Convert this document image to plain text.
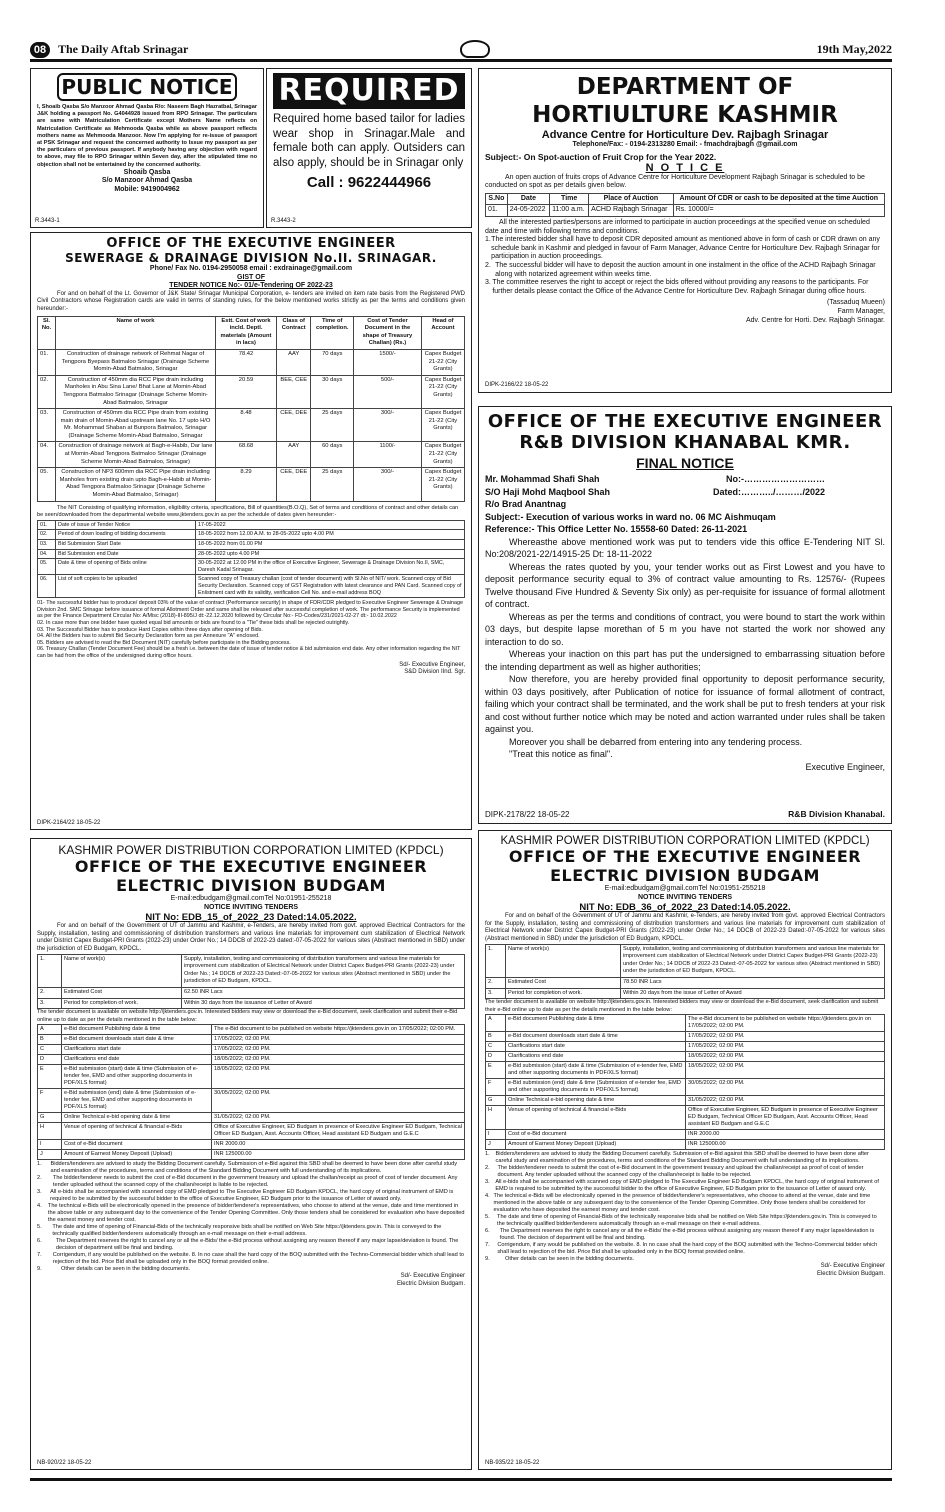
08 The Daily Aftab Srinagar	19th May,2022
PUBLIC NOTICE
I, Shoaib Qasba S/o Manzoor Ahmad Qasba R/o: Naseem Bagh Hazratbal, Srinagar J&K holding a passport No. G4044928 issued from RPO Srinagar. The particulars are same with Matriculation Certificate except Mothers Name reflects on Matriculation Certificate as Mehmooda Qasba while as above passport reflects mothers name as Mehmooda Manzoor. Now I'm applying for re-issue of passport at PSK Srinagar and request the concerned authority to Issue my passport as per the particulars of previous passport. If anybody having any objection with regard to above, may file to RPO Srinagar within Seven day, after the stipulated time no objection shall not be entertained by the concerned authority.
Shoaib Qasba
S/o Manzoor Ahmad Qasba
Mobile: 9419004962
R.3443-1
REQUIRED
Required home based tailor for ladies wear shop in Srinagar.Male and female both can apply. Outsiders can also apply, should be in Srinagar only
Call : 9622444966
R.3443-2
DEPARTMENT OF HORTIULTURE KASHMIR
Advance Centre for Horticulture Dev. Rajbagh Srinagar
Telephone/Fax: - 0194-2313280 Email: - fmachdrajbagh @gmail.com
Subject:- On Spot-auction of Fruit Crop for the Year 2022.
N O T I C E
An open auction of fruits crops of Advance Centre for Horticulture Development Rajbagh Srinagar is scheduled to be conducted on spot as per details given below.
S.No	Date	Time	Place of Auction	Amount Of CDR or cash to be deposited at the time Auction
01.	24-05-2022	11:00 a.m.	ACHD Rajbagh Srinagar	Rs. 10000/=
All the interested parties/persons are informed to participate in auction proceedings at the specified venue on scheduled date and time with following terms and conditions.
1. The interested bidder shall have to deposit CDR deposited amount as mentioned above in form of cash or CDR drawn on any schedule bank in Kashmir and pledged in favour of Farm Manager, Advance Centre for Horticulture Dev. Rajbagh Srinagar for participation in auction proceedings.
2. The successful bidder will have to deposit the auction amount in one instalment in the office of the ACHD Rajbagh Srinagar along with notarized agreement within weeks time.
3. The committee reserves the right to accept or reject the bids offered without providing any reasons to the participants. For further details please contact the Office of the Advance Centre for Horticulture Dev. Rajbagh Srinagar during office hours.
(Tassaduq Mueen)
Farm Manager,
Adv. Centre for Horti. Dev. Rajbagh Srinagar.
DIPK-2166/22 18-05-22
OFFICE OF THE EXECUTIVE ENGINEER
SEWERAGE & DRAINAGE DIVISION No.II. SRINAGAR.
Phone/ Fax No. 0194-2950058 email : exdrainage@gmail.com
GIST OF
TENDER NOTICE No:- 01/e-Tendering OF 2022-23
For and on behalf of the Lt. Governor of J&K State/ Srinagar Municipal Corporation, e- tenders are invited on item rate basis from the Registered PWD Civil Contractors whose Registration cards are valid in terms of standing rules, for the below mentioned works strictly as per the terms and conditions given hereunder:-
Sl. No.	Name of work	Estt. Cost of work incld. Deptl. materials (Amount in lacs)	Class of Contract	Time of completion.	Cost of Tender Document in the shape of Treasury Challan) (Rs.)	Head of Account
01.	Construction of drainage network of Rehmat Nagar of Tengpora Byepass Batmaloo Srinagar (Drainage Scheme Momin-Abad Batmaloo, Srinagar	78.42	AAY	70 days	1500/-	Capex Budget 21-22 (City Grants)
02.	Construction of 450mm dia RCC Pipe drain including Manholes in Abu Sina Lane/ Bhat Lane at Momin-Abad Tengpora Batmaloo Srinagar (Drainage Scheme Momin-Abad Batmaloo, Srinagar	20.59	BEE, CEE	30 days	500/-	Capex Budget 21-22 (City Grants)
03.	Construction of 450mm dia RCC Pipe drain from existing main drain of Momin-Abad upstream lane No. 17 upto H/O Mr. Mohammad Shaban at Bunpora Batmaloo, Srinagar (Drainage Scheme Momin-Abad Batmaloo, Srinagar	8.48	CEE, DEE	25 days	300/-	Capex Budget 21-22 (City Grants)
04.	Construction of drainage network at Bagh-e-Habib, Dar lane at Momin-Abad Tengpora Batmaloo Srinagar (Drainage Scheme Momin-Abad Batmaloo, Srinagar)	68.68	AAY	60 days	1100/-	Capex Budget 21-22 (City Grants)
05.	Construction of NP3 600mm dia RCC Pipe drain including Manholes from existing drain upto Bagh-e-Habib at Momin-Abad Tengpora Batmaloo Srinagar (Drainage Scheme Momin-Abad Batmaloo, Srinagar)	8.29	CEE, DEE	25 days	300/-	Capex Budget 21-22 (City Grants)
The NIT Consisting of qualifying information, eligibility criteria, specifications, Bill of quantities(B.O.Q), Set of terms and conditions of contract and other details can be seen/downloaded from the departmental website www.jktenders.gov.in as per the schedule of dates given hereunder:-
01.	Date of issue of Tender Notice	17-05-2022
02.	Period of down loading of bidding documents	18-05-2022 from 12.00 A.M. to 28-05-2022 upto 4.00 PM
03.	Bid Submission Start Date	18-05-2022 from 01.00 PM
04.	Bid Submission end Date	28-05-2022 upto 4.00 PM
05.	Date & time of opening of Bids online	30-05-2022 at 12.00 PM in the office of Executive Engineer, Sewerage & Drainage Division No.II, SMC, Daresh Kadal Srinagar.
06.	List of soft copies to be uploaded	Scanned copy of Treasury challan (cost of tender document) with Sl.No of NIT/ work. Scanned copy of Bid Security Declaration. Scanned copy of GST Registration with latest clearance and PAN Card. Scanned copy of Enlistment card with its validity, verification Cell No. and e-mail address BOQ
01- The successful bidder has to produce/ deposit 03% of the value of contract (Performance security) in shape of FDR/CDR pledged to Executive Engineer Sewerage & Drainage Division 2nd. SMC Srinagar before issuance of formal Allotment Order and same shall be released after successful completion of work. The performance Security is implemented as per the Finance Department Circular No: A/Misc (2018)-III-895/J dt:-22.12.2020 followed by Circular No:- FD-Codes/231/2021-02-27 dt:- 10.02.2022
02. In case more than one bidder have quoted equal bid amounts or bids are found to a "Tie" these bids shall be rejected outrightly.
03. The Successful Bidder has to produce Hard Copies within three days after opening of Bids.
04. All the Bidders has to submit Bid Security Declaration form as per Annexure "A" enclosed.
05. Bidders are advised to read the Bid Document (NIT) carefully before participate in the Bidding process.
06. Treasury Challan (Tender Document Fee) should be a fresh i.e. between the date of issue of tender notice & bid submission end date. Any other information regarding the NIT can be had from the office of the undersigned during office hours.
Sd/- Executive Engineer,
S&D Division IInd. Sgr.
DIPK-2164/22 18-05-22
OFFICE OF THE EXECUTIVE ENGINEER
R&B DIVISION KHANABAL KMR.
FINAL NOTICE
Mr. Mohammad Shafi Shah	No:-………………………
S/O Haji Mohd Maqbool Shah	Dated:………../………/2022
R/o Brad Anantnag
Subject:- Execution of various works in ward no. 06 MC Aishmuqam
Reference:- This Office Letter No. 15558-60 Dated: 26-11-2021
Whereasthe above mentioned work was put to tenders vide this office E-Tendering NIT Sl. No:208/2021-22/14915-25 Dt: 18-11-2022
Whereas the rates quoted by you, your tender works out as First Lowest and you have to deposit performance security equal to 3% of contract value amounting to Rs. 12576/- (Rupees Twelve thousand Five Hundred & Seventy Six only) as per-requisite for issuance of formal allotment of contract.
Whereas as per the terms and conditions of contract, you were bound to start the work within 03 days, but despite lapse morethan of 5 m you have not started the work nor showed any interaction to do so.
Whereas your inaction on this part has put the undersigned to embarrassing situation before the intending department as well as higher authorities;
Now therefore, you are hereby provided final opportunity to deposit performance security, within 03 days positively, after Publication of notice for issuance of formal allotment of contract, failing which your contract shall be terminated, and the work shall be put to fresh tenders at your risk and cost without further notice which may be noted and action warranted under rules shall be taken against you.
Moreover you shall be debarred from entering into any tendering process.
"Treat this notice as final".
Executive Engineer,
DIPK-2178/22 18-05-22	R&B Division Khanabal.
KASHMIR POWER DISTRIBUTION CORPORATION LIMITED (KPDCL)
OFFICE OF THE EXECUTIVE ENGINEER
ELECTRIC DIVISION BUDGAM
E-mail:edbudgam@gmail.comTel No:01951-255218
NOTICE INVITING TENDERS
NIT No: EDB_15_of_2022_23 Dated:14.05.2022.
For and on behalf of the Government of UT of Jammu and Kashmir, e-Tenders, are hereby invited from govt. approved Electrical Contractors for the Supply, installation, testing and commissioning of distribution transformers and various line materials for improvement cum stabilization of Electrical Network under District Capex Budget-PRI Grants (2022-23) under Order No.; 14 DDCB of 2022-23 dated:-07-05-2022 for various sites (Abstract mentioned in SBD) under the jurisdiction of ED Budgam, KPDCL.
1.	Name of work(s)	Supply, installation, testing and commissioning of distribution transformers and various line materials for improvement cum stabilization of Electrical Network under District Capex Budget-PRI Grants (2022-23) under Order No.; 14 DDCB of 2022-23 Dated:-07-05-2022 for various sites (Abstract mentioned in SBD) under the jurisdiction of ED Budgam, KPDCL.
2.	Estimated Cost	62.50 INR Lacs
3.	Period for completion of work.	Within 30 days from the issuance of Letter of Award
The tender document is available on website http://jktenders.gov.in. Interested bidders may view or download the e-Bid document, seek clarification and submit their e-Bid online up to date as per the details mentioned in the table below:
A	e-Bid document Publishing date & time	The e-Bid document to be published on website https://jktenders.gov.in on 17/05/2022; 02:00 PM.
B	e-Bid document downloads start date & time	17/05/2022; 02:00 PM.
C	Clarifications start date	17/05/2022; 02:00 PM.
D	Clarifications end date	18/05/2022; 02:00 PM.
E	e-Bid submission (start) date & time (Submission of e-tender fee, EMD and other supporting documents in PDF/XLS format)	18/05/2022; 02:00 PM.
F	e-Bid submission (end) date & time (Submission of e-tender fee, EMD and other supporting documents in PDF/XLS format)	30/05/2022; 02:00 PM.
G	Online Technical e-bid opening date & time	31/05/2022; 02:00 PM.
H	Venue of opening of technical & financial e-Bids	Office of Executive Engineer, ED Budgam in presence of Executive Engineer ED Budgam, Technical Officer ED Budgam, Asst. Accounts Officer, Head assistant ED Budgam and G.E.C
I	Cost of e-Bid document	INR 2000.00
J	Amount of Earnest Money Deposit (Upload)	INR 125000.00
1.	Bidders/tenderers are advised to study the Bidding Document carefully. Submission of e-Bid against this SBD shall be deemed to have been done after careful study and examination of the procedures, terms and conditions of the Standard Bidding Document with full understanding of its implications.
2.	The bidder/tenderer needs to submit the cost of e-Bid document in the government treasury and upload the challan/receipt as proof of cost of tender document. Any tender uploaded without the scanned copy of the challan/receipt is liable to be rejected.
3.	All e-bids shall be accompanied with scanned copy of EMD pledged to The Executive Engineer ED Budgam KPDCL, the hard copy of original instrument of EMD is required to be submitted by the successful bidder to the office of Executive Engineer, ED Budgam prior to the issuance of Letter of award only.
4.	The technical e-Bids will be electronically opened in the presence of bidder/tenderer's representatives, who choose to attend at the venue, date and time mentioned in the above table or any subsequent day to the convenience of the Tender Opening Committee. Only those tenders shall be considered for evaluation who have deposited the earnest money and tender cost.
5.	The date and time of opening of Financial-Bids of the technically responsive bids shall be notified on Web Site https://jktenders.gov.in. This is conveyed to the technically qualified bidder/tenderers automatically through an e-mail message on their e-mail address.
6.	The Department reserves the right to cancel any or all the e-Bids/ the e-Bid process without assigning any reason thereof if any major lapse/deviation is found. The decision of department will be final and binding.
7.	Corrigendum, if any would be published on the website. 8. In no case shall the hard copy of the BOQ submitted with the Techno-Commercial bidder which shall lead to rejection of the bid. Price Bid shall be uploaded only in the BOQ format provided online.
9.	Other details can be seen in the bidding documents.
Sd/- Executive Engineer
Electric Division Budgam.
NB-920/22 18-05-22
KASHMIR POWER DISTRIBUTION CORPORATION LIMITED (KPDCL)
OFFICE OF THE EXECUTIVE ENGINEER
ELECTRIC DIVISION BUDGAM
E-mail:edbudgam@gmail.comTel No:01951-255218
NOTICE INVITING TENDERS
NIT No: EDB_36_of_2022_23 Dated:14.05.2022.
For and on behalf of the Government of UT of Jammu and Kashmir, e-Tenders, are hereby invited from govt. approved Electrical Contractors for the Supply, installation, testing and commissioning of distribution transformers and various line materials for improvement cum stabilization of Electrical Network under District Capex Budget-PRI Grants (2022-23) under Order No.; 14 DDCB of 2022-23 Dated:-07-05-2022 for various sites (Abstract mentioned in SBD) under the jurisdiction of ED Budgam, KPDCL.
1.	Name of work(s)	Supply, installation, testing and commissioning of distribution transformers and various line materials for improvement cum stabilization of Electrical Network under District Capex Budget-PRI Grants (2022-23) under Order No.; 14 DDCB of 2022-23 Dated:-07-05-2022 for various sites (Abstract mentioned in SBD) under the jurisdiction of ED Budgam, KPDCL.
2.	Estimated Cost	78.50 INR Lacs
3.	Period for completion of work.	Within 20 days from the issue of Letter of Award
The tender document is available on website http://jktenders.gov.in. Interested bidders may view or download the e-Bid document, seek clarification and submit their e-Bid online up to date as per the details mentioned in the table below:
A	e-Bid document Publishing date & time	The e-Bid document to be published on website https://jktenders.gov.in on 17/05/2022; 02:00 PM.
B	e-Bid document downloads start date & time	17/05/2022; 02:00 PM.
C	Clarifications start date	17/05/2022; 02:00 PM.
D	Clarifications end date	18/05/2022; 02:00 PM.
E	e-Bid submission (start) date & time (Submission of e-tender fee, EMD and other supporting documents in PDF/XLS format)	18/05/2022; 02:00 PM.
F	e-Bid submission (end) date & time (Submission of e-tender fee, EMD and other supporting documents in PDF/XLS format)	30/05/2022; 02:00 PM.
G	Online Technical e-bid opening date & time	31/05/2022; 02:00 PM.
H	Venue of opening of technical & financial e-Bids	Office of Executive Engineer, ED Budgam in presence of Executive Engineer ED Budgam, Technical Officer ED Budgam, Asst. Accounts Officer, Head assistant ED Budgam and G.E.C
I	Cost of e-Bid document	INR 2000.00
J	Amount of Earnest Money Deposit (Upload)	INR 125000.00
1.	Bidders/tenderers are advised to study the Bidding Document carefully. Submission of e-Bid against this SBD shall be deemed to have been done after careful study and examination of the procedures, terms and conditions of the Standard Bidding Document with full understanding of its implications.
2.	The bidder/tenderer needs to submit the cost of e-Bid document in the government treasury and upload the challan/receipt as proof of cost of tender document. Any tender uploaded without the scanned copy of the challan/receipt is liable to be rejected.
3.	All e-bids shall be accompanied with scanned copy of EMD pledged to The Executive Engineer ED Budgam KPDCL, the hard copy of original instrument of EMD is required to be submitted by the successful bidder to the office of Executive Engineer, ED Budgam prior to the issuance of Letter of award only.
4. The technical e-Bids will be electronically opened in the presence of bidder/tenderer's representatives, who choose to attend at the venue, date and time mentioned in the above table or any subsequent day to the convenience of the Tender Opening Committee. Only those tenders shall be considered for evaluation who have deposited the earnest money and tender cost.
5.	The date and time of opening of Financial-Bids of the technically responsive bids shall be notified on Web Site https://jktenders.gov.in. This is conveyed to the technically qualified bidder/tenderers automatically through an e-mail message on their e-mail address.
6.	The Department reserves the right to cancel any or all the e-Bids/ the e-Bid process without assigning any reason thereof if any major lapse/deviation is found. The decision of department will be final and binding.
7.	Corrigendum, if any would be published on the website. 8. In no case shall the hard copy of the BOQ submitted with the Techno-Commercial bidder which shall lead to rejection of the bid. Price Bid shall be uploaded only in the BOQ format provided online.
9.	Other details can be seen in the bidding documents.
Sd/- Executive Engineer
Electric Division Budgam.
NB-935/22 18-05-22
